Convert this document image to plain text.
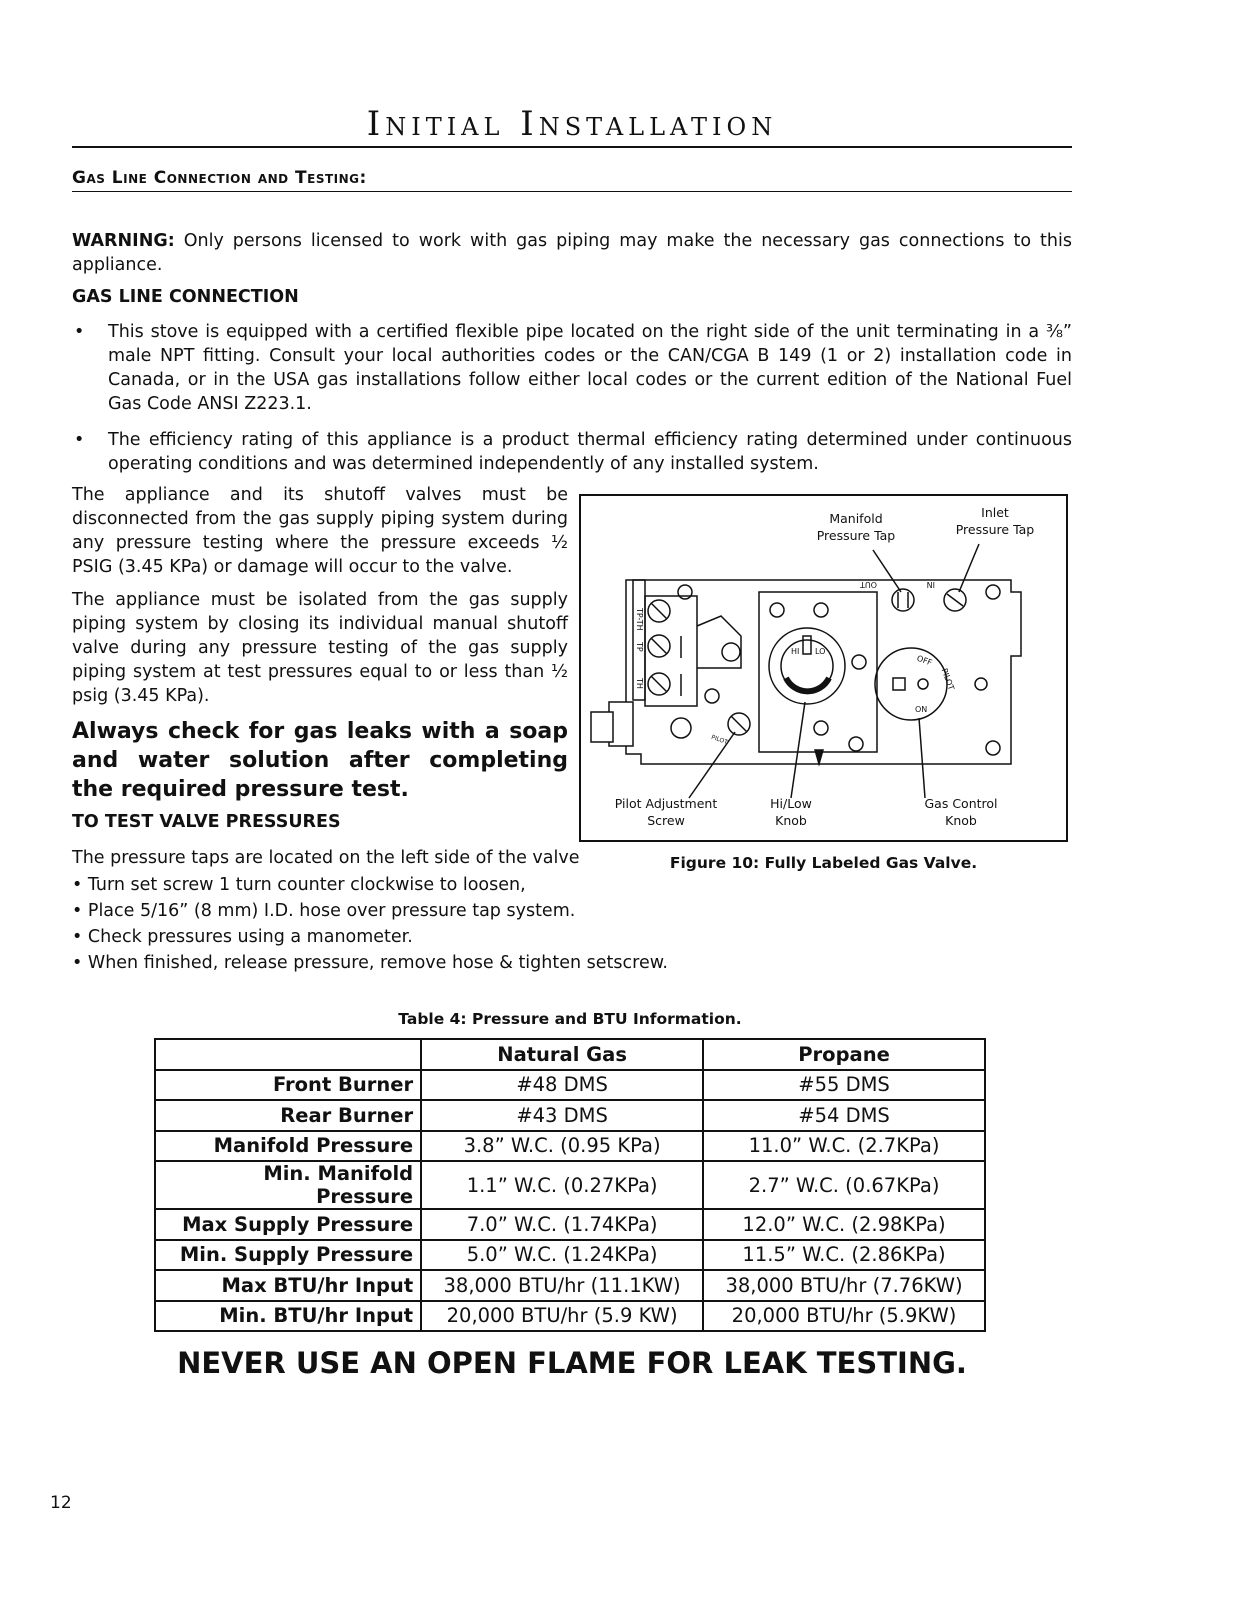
Initial Installation
Gas Line Connection and Testing:
WARNING: Only persons licensed to work with gas piping may make the necessary gas connections to this appliance.
GAS LINE CONNECTION
• This stove is equipped with a certified flexible pipe located on the right side of the unit terminating in a ⅜” male NPT fitting. Consult your local authorities codes or the CAN/CGA B 149 (1 or 2) installation code in Canada, or in the USA gas installations follow either local codes or the current edition of the National Fuel Gas Code ANSI Z223.1.
• The efficiency rating of this appliance is a product thermal efficiency rating determined under continuous operating conditions and was determined independently of any installed system.
The appliance and its shutoff valves must be disconnected from the gas supply piping system during any pressure testing where the pressure exceeds ½ PSIG (3.45 KPa) or damage will occur to the valve.
The appliance must be isolated from the gas supply piping system by closing its individual manual shutoff valve during any pressure testing of the gas supply piping system at test pressures equal to or less than ½ psig (3.45 KPa).
Always check for gas leaks with a soap and water solution after completing the required pressure test.
TO TEST VALVE PRESSURES
The pressure taps are located on the left side of the valve
• Turn set screw 1 turn counter clockwise to loosen,
• Place 5/16” (8 mm) I.D. hose over pressure tap system.
• Check pressures using a manometer.
• When finished, release pressure, remove hose & tighten setscrew.
OUT	IN
TP-TH
TP
TH
OFF
PILOT
ON
HI LO
PILOT
Manifold
Pressure Tap
Inlet
Pressure Tap
Pilot Adjustment
Screw
Hi/Low
Knob
Gas Control
Knob
Figure 10: Fully Labeled Gas Valve.
Table 4: Pressure and BTU Information.
	Natural Gas	Propane
Front Burner	#48 DMS	#55 DMS
Rear Burner	#43 DMS	#54 DMS
Manifold Pressure	3.8” W.C. (0.95 KPa)	11.0” W.C. (2.7KPa)
Min. Manifold Pressure	1.1” W.C. (0.27KPa)	2.7” W.C. (0.67KPa)
Max Supply Pressure	7.0” W.C. (1.74KPa)	12.0” W.C. (2.98KPa)
Min. Supply Pressure	5.0” W.C. (1.24KPa)	11.5” W.C. (2.86KPa)
Max BTU/hr Input	38,000 BTU/hr (11.1KW)	38,000 BTU/hr (7.76KW)
Min. BTU/hr Input	20,000 BTU/hr (5.9 KW)	20,000 BTU/hr (5.9KW)
NEVER USE AN OPEN FLAME FOR LEAK TESTING.
12
